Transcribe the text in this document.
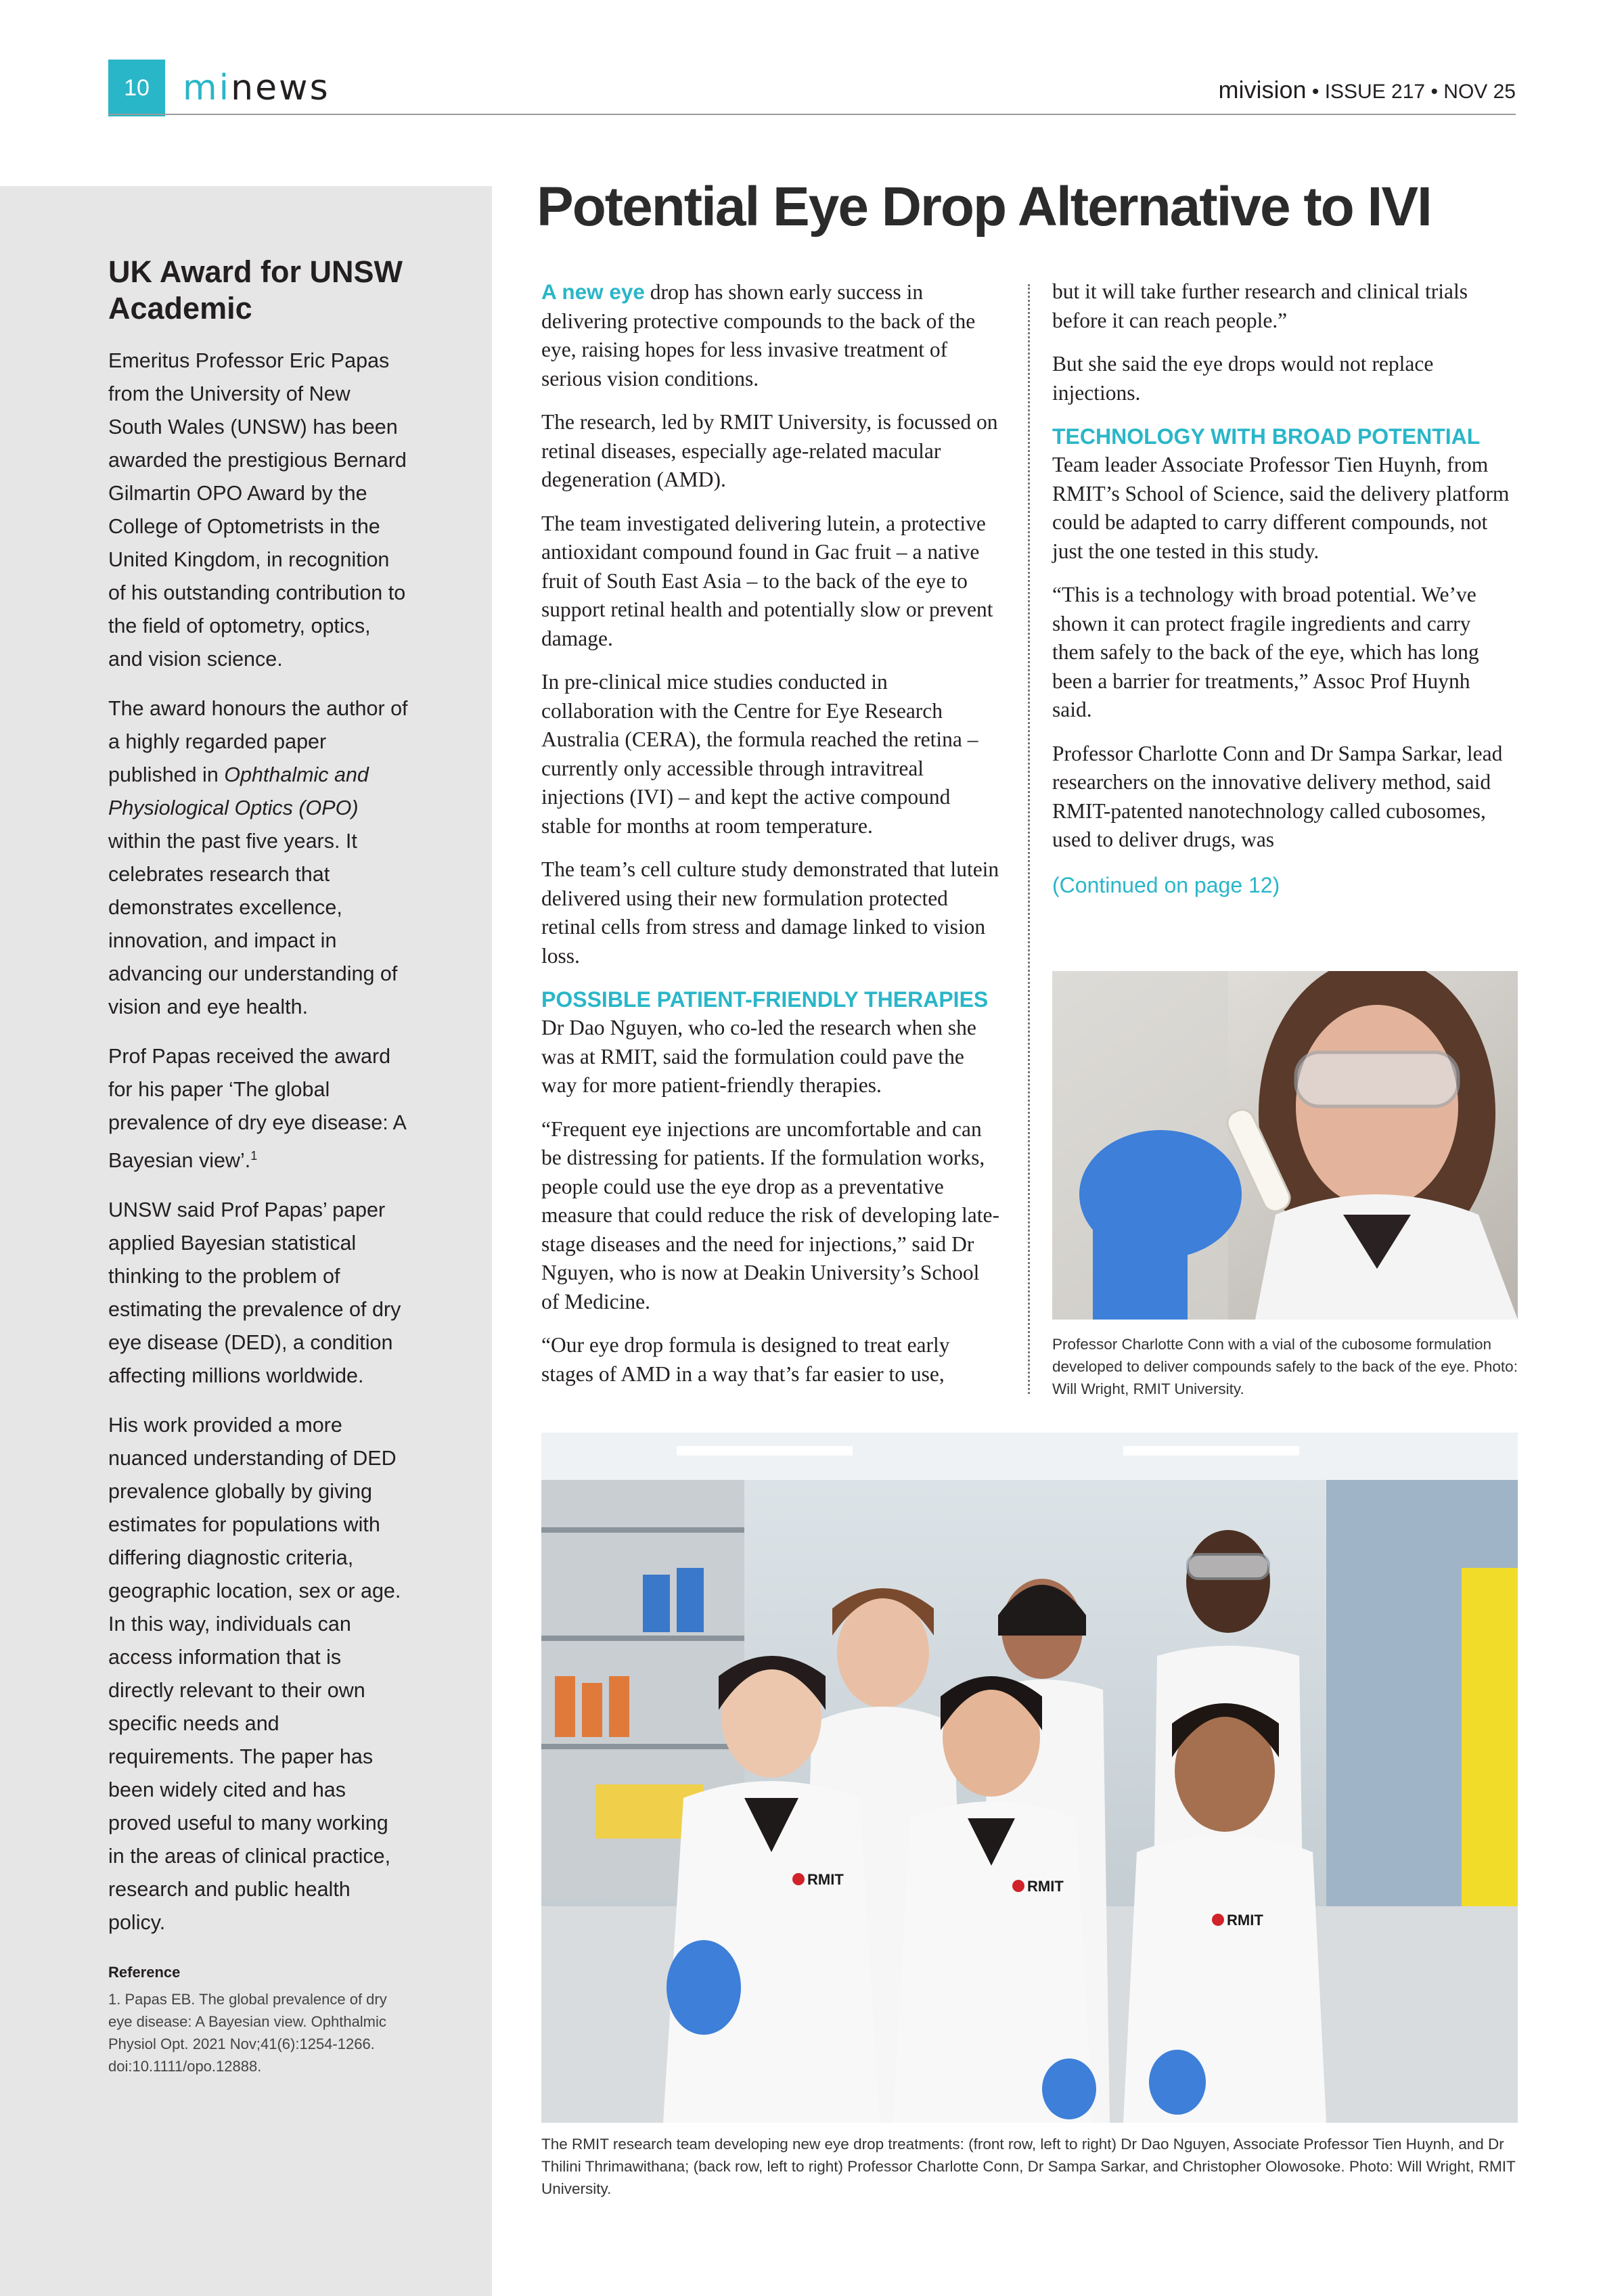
10 mi news	mivision • ISSUE 217 • NOV 25
UK Award for UNSW Academic

Emeritus Professor Eric Papas from the University of New South Wales (UNSW) has been awarded the prestigious Bernard Gilmartin OPO Award by the College of Optometrists in the United Kingdom, in recognition of his outstanding contribution to the field of optometry, optics, and vision science.

The award honours the author of a highly regarded paper published in Ophthalmic and Physiological Optics (OPO) within the past five years. It celebrates research that demonstrates excellence, innovation, and impact in advancing our understanding of vision and eye health.

Prof Papas received the award for his paper ‘The global prevalence of dry eye disease: A Bayesian view’.$^1$

UNSW said Prof Papas’ paper applied Bayesian statistical thinking to the problem of estimating the prevalence of dry eye disease (DED), a condition affecting millions worldwide.

His work provided a more nuanced understanding of DED prevalence globally by giving estimates for populations with differing diagnostic criteria, geographic location, sex or age. In this way, individuals can access information that is directly relevant to their own specific needs and requirements. The paper has been widely cited and has proved useful to many working in the areas of clinical practice, research and public health policy.

Reference

1. Papas EB. The global prevalence of dry eye disease: A Bayesian view. Ophthalmic Physiol Opt. 2021 Nov;41(6):1254-1266. doi:10.1111/opo.12888.

Potential Eye Drop Alternative to IVI

A new eye drop has shown early success in delivering protective compounds to the back of the eye, raising hopes for less invasive treatment of serious vision conditions.

The research, led by RMIT University, is focussed on retinal diseases, especially age-related macular degeneration (AMD).

The team investigated delivering lutein, a protective antioxidant compound found in Gac fruit – a native fruit of South East Asia – to the back of the eye to support retinal health and potentially slow or prevent damage.

In pre-clinical mice studies conducted in collaboration with the Centre for Eye Research Australia (CERA), the formula reached the retina – currently only accessible through intravitreal injections (IVI) – and kept the active compound stable for months at room temperature.

The team’s cell culture study demonstrated that lutein delivered using their new formulation protected retinal cells from stress and damage linked to vision loss.

POSSIBLE PATIENT-FRIENDLY THERAPIES

Dr Dao Nguyen, who co-led the research when she was at RMIT, said the formulation could pave the way for more patient-friendly therapies.

“Frequent eye injections are uncomfortable and can be distressing for patients. If the formulation works, people could use the eye drop as a preventative measure that could reduce the risk of developing late-stage diseases and the need for injections,” said Dr Nguyen, who is now at Deakin University’s School of Medicine.

“Our eye drop formula is designed to treat early stages of AMD in a way that’s far easier to use,

but it will take further research and clinical trials before it can reach people.”

But she said the eye drops would not replace injections.

TECHNOLOGY WITH BROAD POTENTIAL

Team leader Associate Professor Tien Huynh, from RMIT’s School of Science, said the delivery platform could be adapted to carry different compounds, not just the one tested in this study.

“This is a technology with broad potential. We’ve shown it can protect fragile ingredients and carry them safely to the back of the eye, which has long been a barrier for treatments,” Assoc Prof Huynh said.

Professor Charlotte Conn and Dr Sampa Sarkar, lead researchers on the innovative delivery method, said RMIT-patented nanotechnology called cubosomes, used to deliver drugs, was

(Continued on page 12)

Professor Charlotte Conn with a vial of the cubosome formulation developed to deliver compounds safely to the back of the eye. Photo: Will Wright, RMIT University.

RMIT
RMIT
RMIT

The RMIT research team developing new eye drop treatments: (front row, left to right) Dr Dao Nguyen, Associate Professor Tien Huynh, and Dr Thilini Thrimawithana; (back row, left to right) Professor Charlotte Conn, Dr Sampa Sarkar, and Christopher Olowosoke. Photo: Will Wright, RMIT University.
